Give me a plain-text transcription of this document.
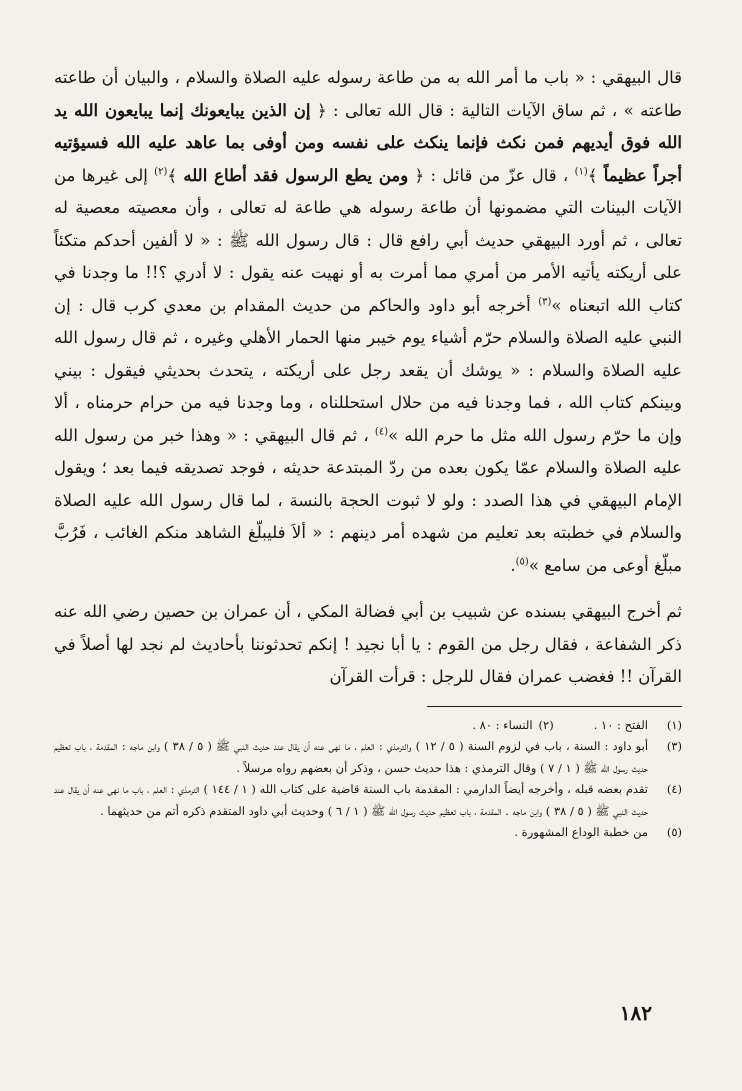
قال البيهقي : « باب ما أمر الله به من طاعة رسوله عليه الصلاة والسلام ، والبيان أن طاعته طاعته » ، ثم ساق الآيات التالية : قال الله تعالى : ﴿ إن الذين يبايعونك إنما يبايعون الله يد الله فوق أيديهم فمن نكث فإنما ينكث على نفسه ومن أوفى بما عاهد عليه الله فسيؤتيه أجراً عظيماً ﴾$^{(١)}$ ، قال عزّ من قائل : ﴿ ومن يطع الرسول فقد أطاع الله ﴾$^{(٢)}$ إلى غيرها من الآيات البينات التي مضمونها أن طاعة رسوله هي طاعة له تعالى ، وأن معصيته معصية له تعالى ، ثم أورد البيهقي حديث أبي رافع قال : قال رسول الله ﷺ : « لا ألفين أحدكم متكئاً على أريكته يأتيه الأمر من أمري مما أمرت به أو نهيت عنه يقول : لا أدري ؟!! ما وجدنا في كتاب الله اتبعناه »$^{(٣)}$ أخرجه أبو داود والحاكم من حديث المقدام بن معدي كرب قال : إن النبي عليه الصلاة والسلام حرّم أشياء يوم خيبر منها الحمار الأهلي وغيره ، ثم قال رسول الله عليه الصلاة والسلام : « يوشك أن يقعد رجل على أريكته ، يتحدث بحديثي فيقول : بيني وبينكم كتاب الله ، فما وجدنا فيه من حلال استحللناه ، وما وجدنا فيه من حرام حرمناه ، ألا وإن ما حرّم رسول الله مثل ما حرم الله »$^{(٤)}$ ، ثم قال البيهقي : « وهذا خبر من رسول الله عليه الصلاة والسلام عمّا يكون بعده من ردّ المبتدعة حديثه ، فوجد تصديقه فيما بعد ؛ ويقول الإمام البيهقي في هذا الصدد : ولو لا ثبوت الحجة بالنسة ، لما قال رسول الله عليه الصلاة والسلام في خطبته بعد تعليم من شهده أمر دينهم : « ألاَ فليبلّغ الشاهد منكم الغائب ، فَرُبَّ مبلّغ أوعى من سامع »$^{(٥)}$.

ثم أخرج البيهقي بسنده عن شبيب بن أبي فضالة المكي ، أن عمران بن حصين رضي الله عنه ذكر الشفاعة ، فقال رجل من القوم : يا أبا نجيد ! إنكم تحدثوننا بأحاديث لم نجد لها أصلاً في القرآن !! فغضب عمران فقال للرجل : قرأت القرآن

(١)
الفتح : ١٠ .
(٢)
النساء : ٨٠ .
(٣)
أبو داود : السنة ، باب في لزوم السنة ( ٥ / ١٢ ) والترمذي : العلم ، ما نهى عنه أن يقال عند حديث النبي ﷺ ( ٥ / ٣٨ ) وابن ماجه : المقدمة ، باب تعظيم حديث رسول الله ﷺ ( ١ / ٧ ) وقال الترمذي : هذا حديث حسن ، وذكر أن بعضهم رواه مرسلاً .
(٤)
تقدم بعضه قبله ، وأخرجه أيضاً الدارمي : المقدمة باب السنة قاضية على كتاب الله ( ١ / ١٤٤ ) الترمذي : العلم ، باب ما نهى عنه أن يقال عند حديث النبي ﷺ ( ٥ / ٣٨ ) وابن ماجه . المقدمة ، باب تعظيم حديث رسول الله ﷺ ( ١ / ٦ ) وحديث أبي داود المتقدم ذكره أتم من حديثهما .
(٥)
من خطبة الوداع المشهورة .
١٨٢
